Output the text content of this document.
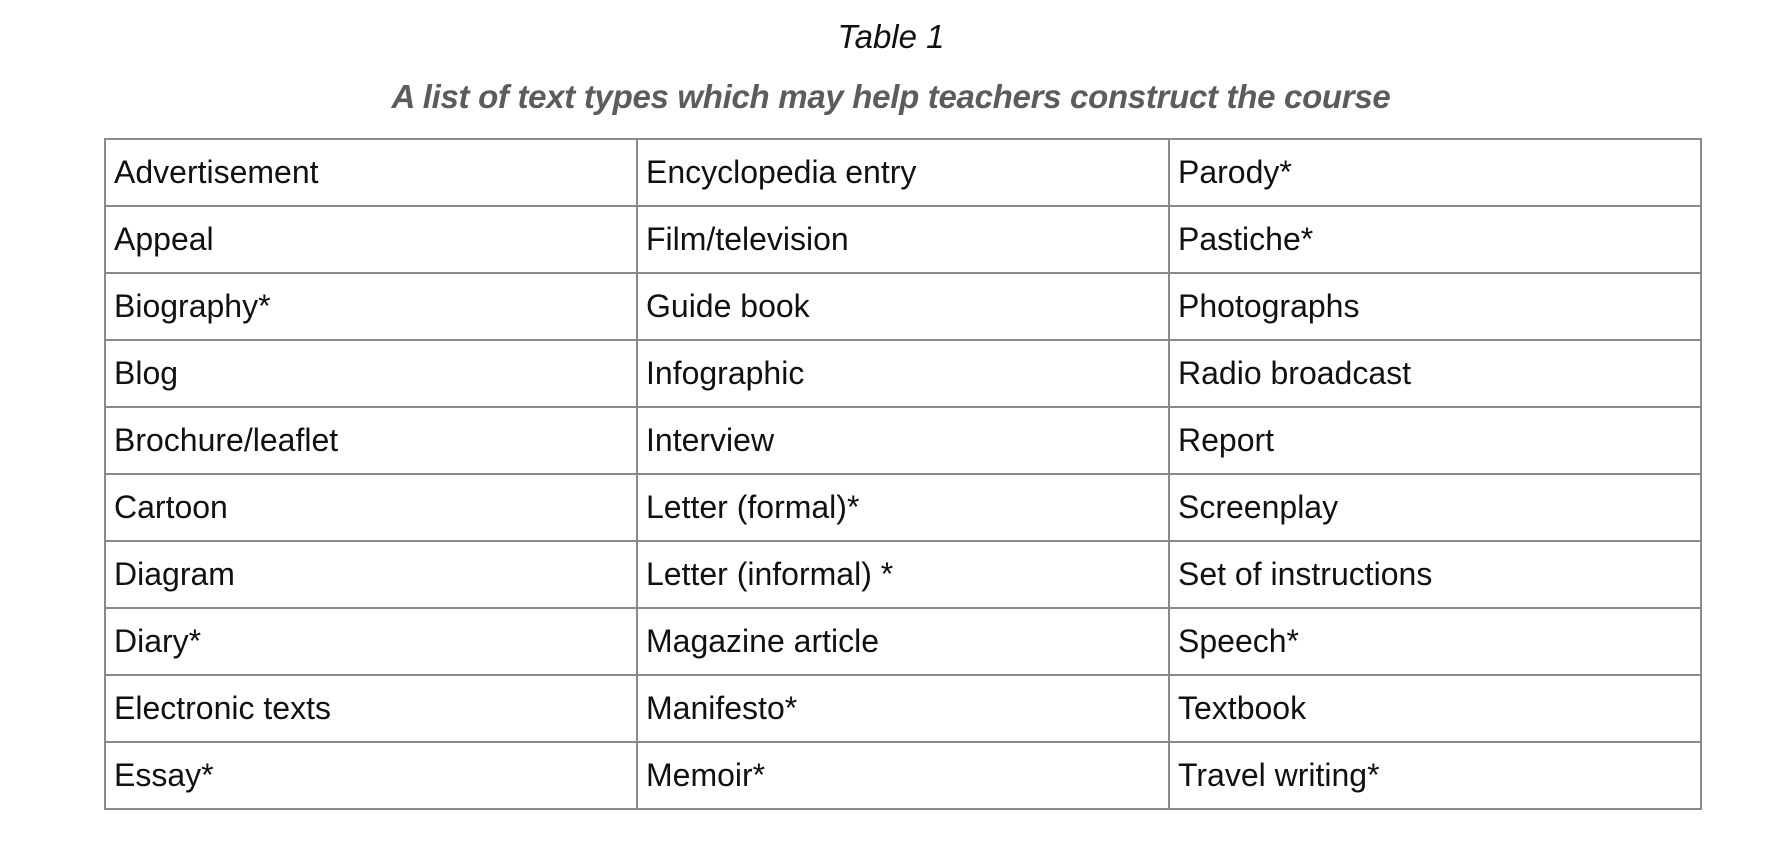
Table 1
A list of text types which may help teachers construct the course
Advertisement	Encyclopedia entry	Parody*
Appeal	Film/television	Pastiche*
Biography*	Guide book	Photographs
Blog	Infographic	Radio broadcast
Brochure/leaflet	Interview	Report
Cartoon	Letter (formal)*	Screenplay
Diagram	Letter (informal) *	Set of instructions
Diary*	Magazine article	Speech*
Electronic texts	Manifesto*	Textbook
Essay*	Memoir*	Travel writing*
